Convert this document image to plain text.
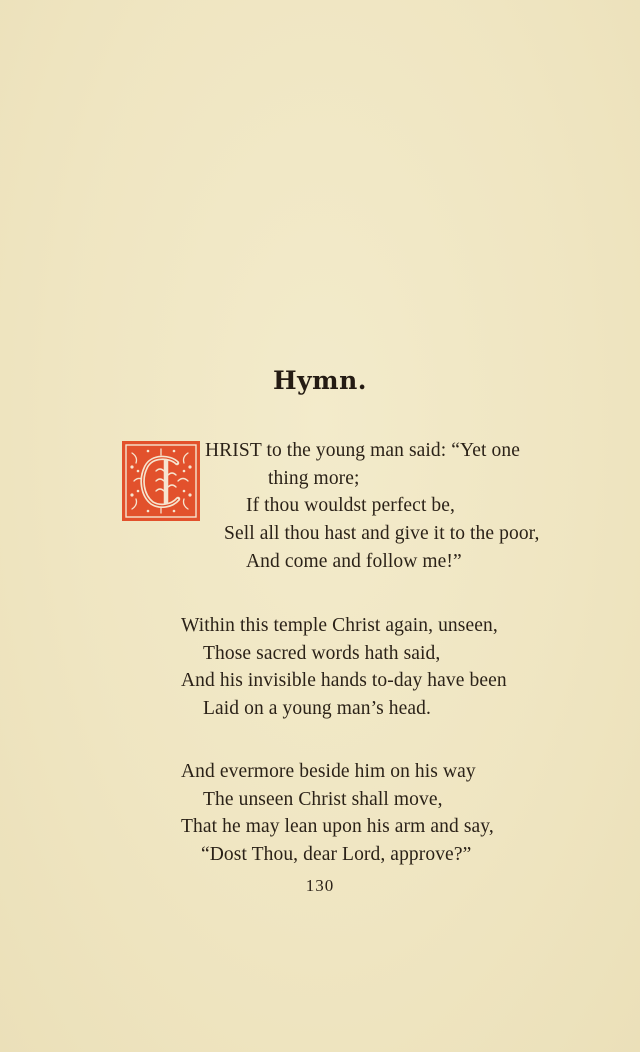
Hymn.
HRIST to the young man said: “Yet one
thing more;
If thou wouldst perfect be,
Sell all thou hast and give it to the poor,
And come and follow me!”
Within this temple Christ again, unseen,
Those sacred words hath said,
And his invisible hands to-day have been
Laid on a young man’s head.
And evermore beside him on his way
The unseen Christ shall move,
That he may lean upon his arm and say,
“Dost Thou, dear Lord, approve?”
130
